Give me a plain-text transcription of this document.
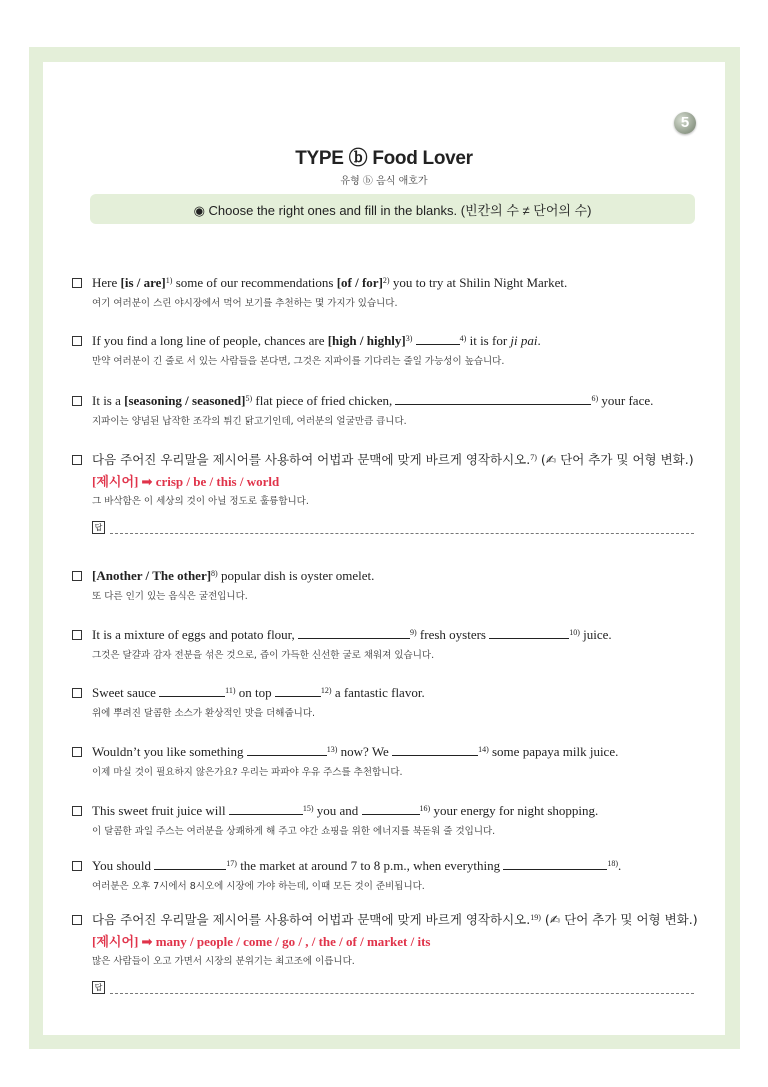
5
TYPE ⓑ Food Lover
유형 ⓑ 음식 애호가
◉ Choose the right ones and fill in the blanks. (빈칸의 수 ≠ 단어의 수)
Here [is / are]$^{1)}$ some of our recommendations [of / for]$^{2)}$ you to try at Shilin Night Market.
여기 여러분이 스린 야시장에서 먹어 보기를 추천하는 몇 가지가 있습니다.
If you find a long line of people, chances are [high / highly]$^{3)}$	$^{4)}$ it is for ji pai.
만약 여러분이 긴 줄로 서 있는 사람들을 본다면, 그것은 지파이를 기다리는 줄일 가능성이 높습니다.
It is a [seasoning / seasoned]$^{5)}$ flat piece of fried chicken,	$^{6)}$ your face.
지파이는 양념된 납작한 조각의 튀긴 닭고기인데, 여러분의 얼굴만큼 큽니다.
다음 주어진 우리말을 제시어를 사용하여 어법과 문맥에 맞게 바르게 영작하시오.$^{7)}$ (✍ 단어 추가 및 어형 변화.)
[제시어] ➟ crisp / be / this / world
그 바삭함은 이 세상의 것이 아닐 정도로 훌륭합니다.
답
[Another / The other]$^{8)}$ popular dish is oyster omelet.
또 다른 인기 있는 음식은 굴전입니다.
It is a mixture of eggs and potato flour,	$^{9)}$ fresh oysters	$^{10)}$ juice.
그것은 달걀과 감자 전분을 섞은 것으로, 즙이 가득한 신선한 굴로 채워져 있습니다.
Sweet sauce	$^{11)}$ on top	$^{12)}$ a fantastic flavor.
위에 뿌려진 달콤한 소스가 환상적인 맛을 더해줍니다.
Wouldn’t you like something	$^{13)}$ now? We	$^{14)}$ some papaya milk juice.
이제 마실 것이 필요하지 않은가요? 우리는 파파야 우유 주스를 추천합니다.
This sweet fruit juice will	$^{15)}$ you and	$^{16)}$ your energy for night shopping.
이 달콤한 과일 주스는 여러분을 상쾌하게 해 주고 야간 쇼핑을 위한 에너지를 북돋워 줄 것입니다.
You should	$^{17)}$ the market at around 7 to 8 p.m., when everything	$^{18)}$.
여러분은 오후 7시에서 8시오에 시장에 가야 하는데, 이때 모든 것이 준비됩니다.
다음 주어진 우리말을 제시어를 사용하여 어법과 문맥에 맞게 바르게 영작하시오.$^{19)}$ (✍ 단어 추가 및 어형 변화.)
[제시어] ➟ many / people / come / go / , / the / of / market / its
많은 사람들이 오고 가면서 시장의 분위기는 최고조에 이릅니다.
답
